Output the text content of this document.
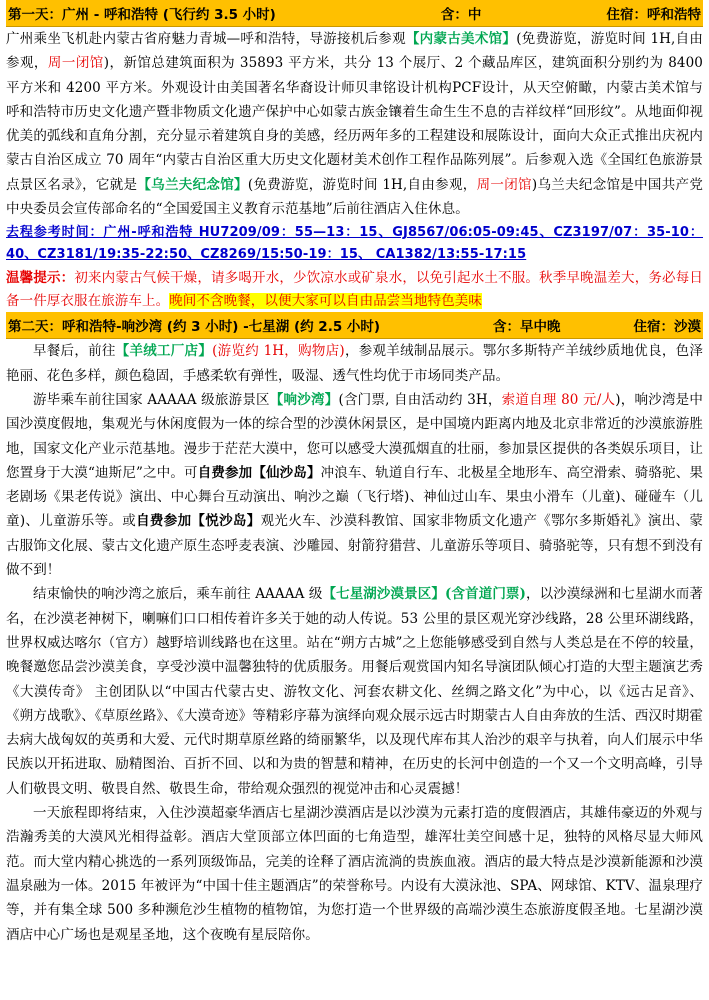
第一天：广州 - 呼和浩特 (飞行约 3.5 小时)	含：中	住宿：呼和浩特

广州乘坐飞机赴内蒙古省府魅力青城—呼和浩特，导游接机后参观【内蒙古美术馆】(免费游览，游览时间 1H,自由参观，周一闭馆)，新馆总建筑面积为 35893 平方米，共分 13 个展厅、2 个藏品库区，建筑面积分别约为 8400 平方米和 4200 平方米。外观设计由美国著名华裔设计师贝聿铭设计机构PCF设计，从天空俯瞰，内蒙古美术馆与呼和浩特市历史文化遗产暨非物质文化遗产保护中心如蒙古族金镶着生命生生不息的吉祥纹样“回形纹”。从地面仰视优美的弧线和直角分割，充分显示着建筑自身的美感，经历两年多的工程建设和展陈设计，面向大众正式推出庆祝内蒙古自治区成立 70 周年“内蒙古自治区重大历史文化题材美术创作工程作品陈列展”。后参观入选《全国红色旅游景点景区名录》，它就是【乌兰夫纪念馆】(免费游览，游览时间 1H,自由参观，周一闭馆)乌兰夫纪念馆是中国共产党中央委员会宣传部命名的“全国爱国主义教育示范基地”后前往酒店入住休息。

去程参考时间：广州-呼和浩特 HU7209/09：55—13：15、GJ8567/06:05-09:45、CZ3197/07：35-10：40、CZ3181/19:35-22:50、CZ8269/15:50-19：15、 CA1382/13:55-17:15

温馨提示：初来内蒙古气候干燥，请多喝开水，少饮凉水或矿泉水，以免引起水土不服。秋季早晚温差大，务必每日备一件厚衣服在旅游车上。晚间不含晚餐，以便大家可以自由品尝当地特色美味

第二天：呼和浩特-响沙湾 (约 3 小时) -七星湖 (约 2.5 小时)	含：早中晚	住宿：沙漠

早餐后，前往【羊绒工厂店】(游览约 1H，购物店)，参观羊绒制品展示。鄂尔多斯特产羊绒纱质地优良，色泽艳丽、花色多样，颜色稳固，手感柔软有弹性，吸湿、透气性均优于市场同类产品。

游毕乘车前往国家 AAAAA 级旅游景区【响沙湾】(含门票, 自由活动约 3H，索道自理 80 元/人)，响沙湾是中国沙漠度假地，集观光与休闲度假为一体的综合型的沙漠休闲景区，是中国境内距离内地及北京非常近的沙漠旅游胜地，国家文化产业示范基地。漫步于茫茫大漠中，您可以感受大漠孤烟直的壮丽，参加景区提供的各类娱乐项目，让您置身于大漠“迪斯尼”之中。可自费参加【仙沙岛】冲浪车、轨道自行车、北极星全地形车、高空滑索、骑骆驼、果老剧场《果老传说》演出、中心舞台互动演出、响沙之巅（飞行塔)、神仙过山车、果虫小滑车（儿童)、碰碰车（儿童)、儿童游乐等。或自费参加【悦沙岛】观光火车、沙漠科教馆、国家非物质文化遗产《鄂尔多斯婚礼》演出、蒙古服饰文化展、蒙古文化遗产原生态呼麦表演、沙雕园、射箭狩猎营、儿童游乐等项目、骑骆驼等，只有想不到没有做不到！

结束愉快的响沙湾之旅后，乘车前往 AAAAA 级【七星湖沙漠景区】(含首道门票)，以沙漠绿洲和七星湖水而著名，在沙漠老神树下，喇嘛们口口相传着许多关于她的动人传说。53 公里的景区观光穿沙线路，28 公里环湖线路，世界权威达喀尔（官方）越野培训线路也在这里。站在“朔方古城”之上您能够感受到自然与人类总是在不停的较量，晚餐邀您品尝沙漠美食，享受沙漠中温馨独特的优质服务。用餐后观赏国内知名导演团队倾心打造的大型主题演艺秀《大漠传奇》 主创团队以“中国古代蒙古史、游牧文化、河套农耕文化、丝绸之路文化”为中心，以《远古足音》、《朔方战歌》、《草原丝路》、《大漠奇迹》等精彩序幕为演绎向观众展示远古时期蒙古人自由奔放的生活、西汉时期霍去病大战匈奴的英勇和大爱、元代时期草原丝路的绮丽繁华，以及现代库布其人治沙的艰辛与执着，向人们展示中华民族以开拓进取、励精图治、百折不回、以和为贵的智慧和精神，在历史的长河中创造的一个又一个文明高峰，引导人们敬畏文明、敬畏自然、敬畏生命，带给观众强烈的视觉冲击和心灵震撼！

一天旅程即将结束，入住沙漠超豪华酒店七星湖沙漠酒店是以沙漠为元素打造的度假酒店，其雄伟豪迈的外观与浩瀚秀美的大漠风光相得益彰。酒店大堂顶部立体凹面的七角造型，雄浑壮美空间感十足，独特的风格尽显大师风范。而大堂内精心挑选的一系列顶级饰品，完美的诠释了酒店流淌的贵族血液。酒店的最大特点是沙漠新能源和沙漠温泉融为一体。2015 年被评为“中国十佳主题酒店”的荣誉称号。内设有大漠泳池、SPA、网球馆、KTV、温泉理疗等，并有集全球 500 多种濒危沙生植物的植物馆，为您打造一个世界级的高端沙漠生态旅游度假圣地。七星湖沙漠酒店中心广场也是观星圣地，这个夜晚有星辰陪你。
